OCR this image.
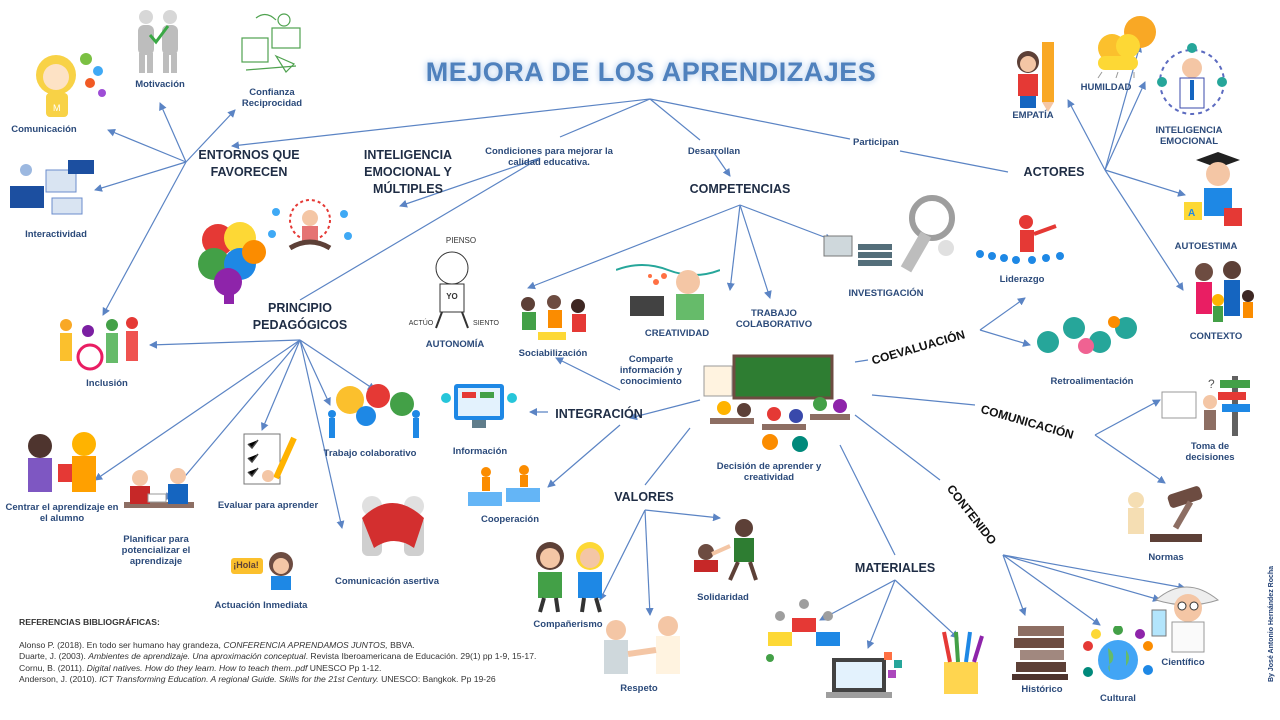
M
A
?
MEJORA DE LOS APRENDIZAJES
Condiciones para mejorar la calidad educativa.
Desarrollan
Participan
ENTORNOS QUE FAVORECEN
INTELIGENCIA EMOCIONAL Y MÚLTIPLES
PRINCIPIO PEDAGÓGICOS
COMPETENCIAS
ACTORES
INTEGRACIÓN
VALORES
MATERIALES
COEVALUACIÓN
COMUNICACIÓN
CONTENIDO
Motivación
Confianza Reciprocidad
Comunicación
Interactividad
Inclusión
Centrar el aprendizaje en el alumno
Planificar para potencializar el aprendizaje
Evaluar para aprender
Trabajo colaborativo
Comunicación asertiva
Actuación Inmediata
¡Hola!
AUTONOMÍA
PIENSO
ACTÚO	SIENTO
YO
Sociabilización
CREATIVIDAD
TRABAJO COLABORATIVO
INVESTIGACIÓN
Liderazgo
Retroalimentación
Comparte información y conocimiento
Decisión de aprender y creatividad
Información
Cooperación
HUMILDAD
EMPATÍA
INTELIGENCIA EMOCIONAL
AUTOESTIMA
CONTEXTO
Toma de decisiones
Normas
Solidaridad
Compañerismo
Respeto	Histórico
Cultural
Científico

REFERENCIAS BIBLIOGRÁFICAS:

Alonso P. (2018). En todo ser humano hay grandeza, CONFERENCIA APRENDAMOS JUNTOS, BBVA.

Duarte, J. (2003). Ambientes de aprendizaje. Una aproximación conceptual. Revista Iberoamericana de Educación. 29(1) pp 1-9, 15-17.

Cornu, B. (2011). Digital natives. How do they learn. How to teach them..pdf UNESCO Pp 1-12.

Anderson, J. (2010). ICT Transforming Education. A regional Guide. Skills for the 21st Century. UNESCO: Bangkok. Pp 19-26	By José Antonio Hernández Rocha
